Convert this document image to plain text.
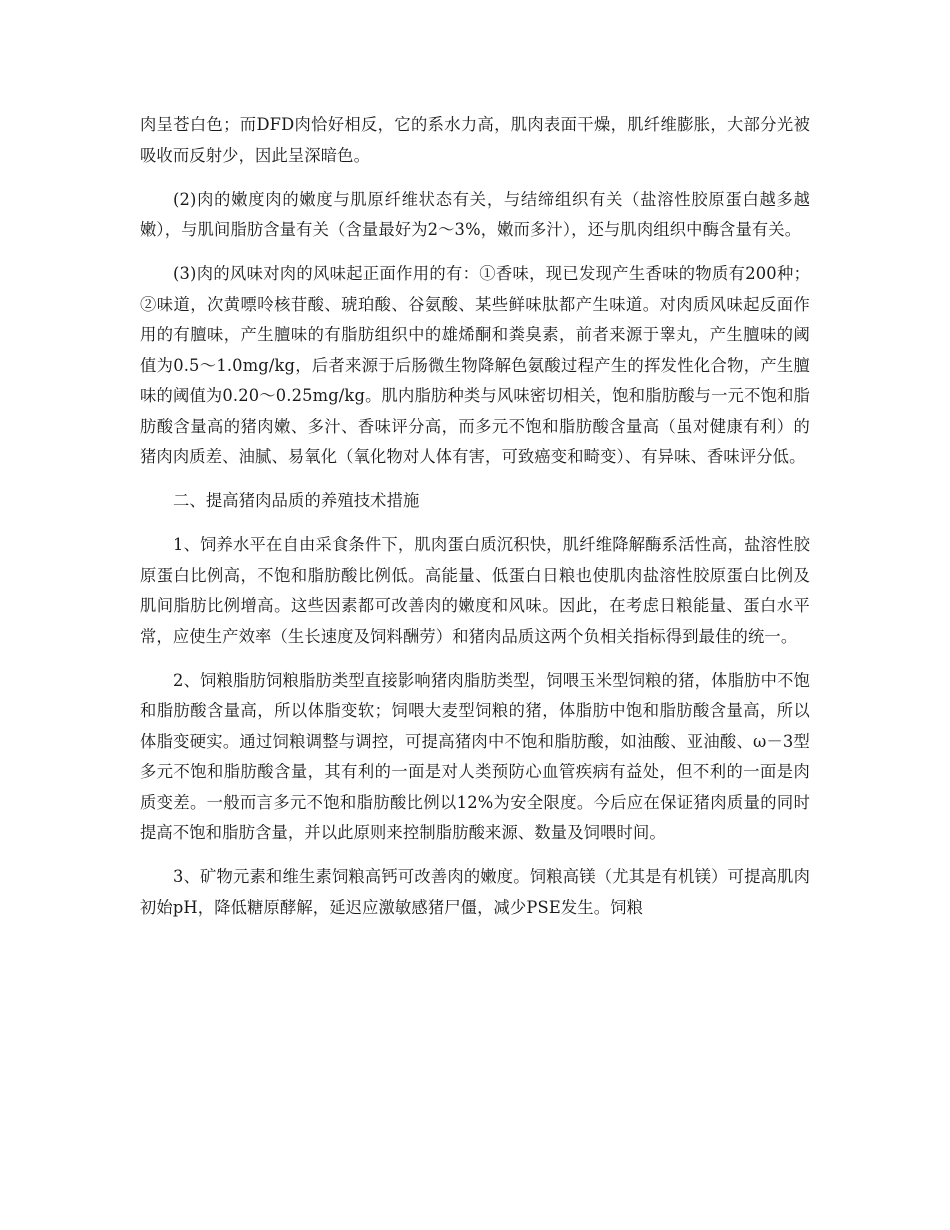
肉呈苍白色；而DFD肉恰好相反，它的系水力高，肌肉表面干燥，肌纤维膨胀，大部分光被吸收而反射少，因此呈深暗色。

(2)肉的嫩度肉的嫩度与肌原纤维状态有关，与结缔组织有关（盐溶性胶原蛋白越多越嫩），与肌间脂肪含量有关（含量最好为2～3%，嫩而多汁），还与肌肉组织中酶含量有关。

(3)肉的风味对肉的风味起正面作用的有：①香味，现已发现产生香味的物质有200种；②味道，次黄嘌呤核苷酸、琥珀酸、谷氨酸、某些鲜味肽都产生味道。对肉质风味起反面作用的有膻味，产生膻味的有脂肪组织中的雄烯酮和粪臭素，前者来源于睾丸，产生膻味的阈值为0.5～1.0mg/kg，后者来源于后肠微生物降解色氨酸过程产生的挥发性化合物，产生膻味的阈值为0.20～0.25mg/kg。肌内脂肪种类与风味密切相关，饱和脂肪酸与一元不饱和脂肪酸含量高的猪肉嫩、多汁、香味评分高，而多元不饱和脂肪酸含量高（虽对健康有利）的猪肉肉质差、油腻、易氧化（氧化物对人体有害，可致癌变和畸变）、有异味、香味评分低。

二、提高猪肉品质的养殖技术措施

1、饲养水平在自由采食条件下，肌肉蛋白质沉积快，肌纤维降解酶系活性高，盐溶性胶原蛋白比例高，不饱和脂肪酸比例低。高能量、低蛋白日粮也使肌肉盐溶性胶原蛋白比例及肌间脂肪比例增高。这些因素都可改善肉的嫩度和风味。因此，在考虑日粮能量、蛋白水平常，应使生产效率（生长速度及饲料酬劳）和猪肉品质这两个负相关指标得到最佳的统一。

2、饲粮脂肪饲粮脂肪类型直接影响猪肉脂肪类型，饲喂玉米型饲粮的猪，体脂肪中不饱和脂肪酸含量高，所以体脂变软；饲喂大麦型饲粮的猪，体脂肪中饱和脂肪酸含量高，所以体脂变硬实。通过饲粮调整与调控，可提高猪肉中不饱和脂肪酸，如油酸、亚油酸、ω－3型多元不饱和脂肪酸含量，其有利的一面是对人类预防心血管疾病有益处，但不利的一面是肉质变差。一般而言多元不饱和脂肪酸比例以12%为安全限度。今后应在保证猪肉质量的同时提高不饱和脂肪含量，并以此原则来控制脂肪酸来源、数量及饲喂时间。

3、矿物元素和维生素饲粮高钙可改善肉的嫩度。饲粮高镁（尤其是有机镁）可提高肌肉初始pH，降低糖原酵解，延迟应激敏感猪尸僵，减少PSE发生。饲粮
